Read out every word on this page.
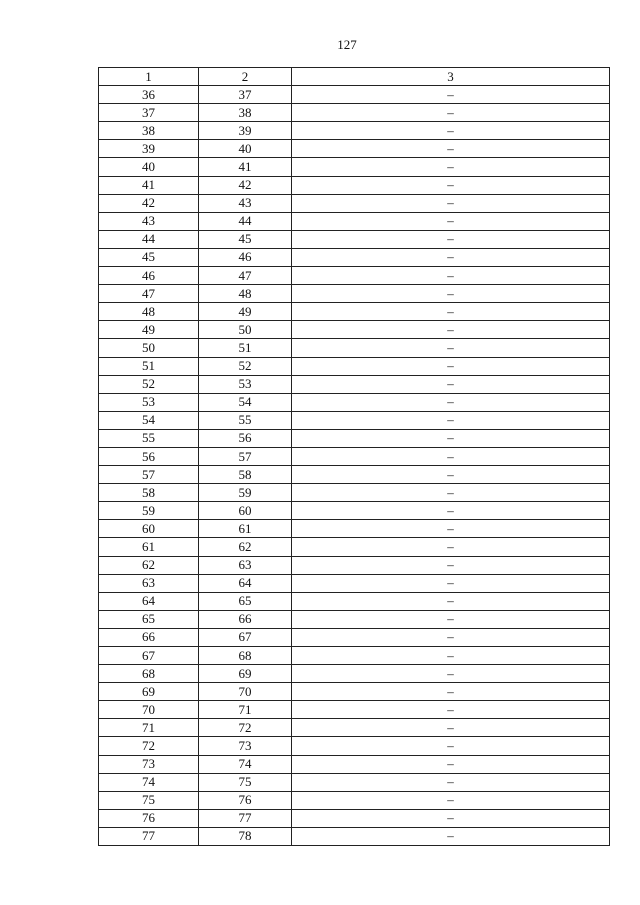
127
1	2	3
36	37	–
37	38	–
38	39	–
39	40	–
40	41	–
41	42	–
42	43	–
43	44	–
44	45	–
45	46	–
46	47	–
47	48	–
48	49	–
49	50	–
50	51	–
51	52	–
52	53	–
53	54	–
54	55	–
55	56	–
56	57	–
57	58	–
58	59	–
59	60	–
60	61	–
61	62	–
62	63	–
63	64	–
64	65	–
65	66	–
66	67	–
67	68	–
68	69	–
69	70	–
70	71	–
71	72	–
72	73	–
73	74	–
74	75	–
75	76	–
76	77	–
77	78	–
